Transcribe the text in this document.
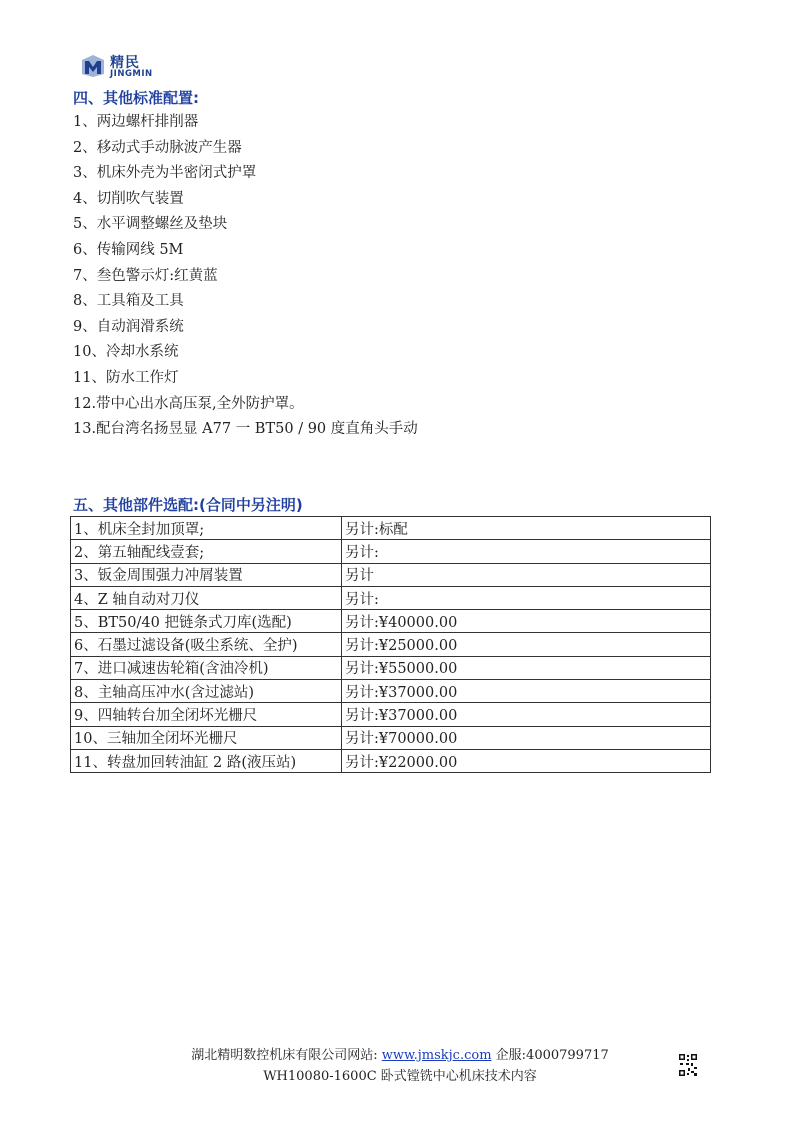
精民
JINGMIN
四、其他标准配置:
1、两边螺杆排削器
2、移动式手动脉波产生器
3、机床外壳为半密闭式护罩
4、切削吹气装置
5、水平调整螺丝及垫块
6、传输网线 5M
7、叁色警示灯:红黄蓝
8、工具箱及工具
9、自动润滑系统
10、冷却水系统
11、防水工作灯
12.带中心出水高压泵,全外防护罩。
13.配台湾名扬昱显 A77 一 BT50 / 90 度直角头手动
五、其他部件选配:(合同中另注明)
1、机床全封加顶罩;	另计:标配
2、第五轴配线壹套;	另计:
3、钣金周围强力冲屑装置	另计
4、Z 轴自动对刀仪	另计:
5、BT50/40 把链条式刀库(选配)	另计:¥40000.00
6、石墨过滤设备(吸尘系统、全护)	另计:¥25000.00
7、进口减速齿轮箱(含油冷机)	另计:¥55000.00
8、主轴高压冲水(含过滤站)	另计:¥37000.00
9、四轴转台加全闭坏光栅尺	另计:¥37000.00
10、三轴加全闭坏光栅尺	另计:¥70000.00
11、转盘加回转油缸 2 路(液压站)	另计:¥22000.00
湖北精明数控机床有限公司网站: www.jmskjc.com 企服:4000799717
WH10080-1600C 卧式镗铣中心机床技术内容
